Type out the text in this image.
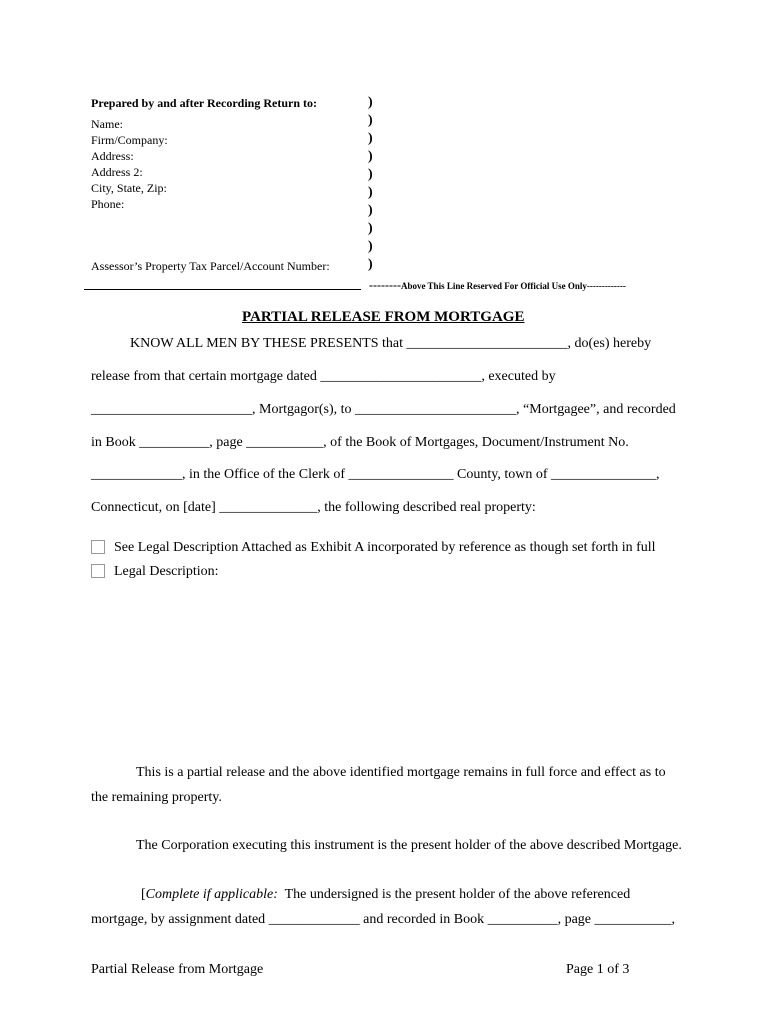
Prepared by and after Recording Return to:
Name:
Firm/Company:
Address:
Address 2:
City, State, Zip:
Phone:
Assessor’s Property Tax Parcel/Account Number:
)
)
)
)
)
)
)
)
)
)
--------Above This Line Reserved For Official Use Only-------------
PARTIAL RELEASE FROM MORTGAGE
KNOW ALL MEN BY THESE PRESENTS that _______________________, do(es) hereby
release from that certain mortgage dated _______________________, executed by
_______________________, Mortgagor(s), to _______________________, “Mortgagee”, and recorded
in Book __________, page ___________, of the Book of Mortgages, Document/Instrument No.
_____________, in the Office of the Clerk of _______________ County, town of _______________,
Connecticut, on [date] ______________, the following described real property:
See Legal Description Attached as Exhibit A incorporated by reference as though set forth in full
Legal Description:
This is a partial release and the above identified mortgage remains in full force and effect as to
the remaining property.
The Corporation executing this instrument is the present holder of the above described Mortgage.
[Complete if applicable:  The undersigned is the present holder of the above referenced
mortgage, by assignment dated _____________ and recorded in Book __________, page ___________,
Partial Release from Mortgage	Page 1 of 3
